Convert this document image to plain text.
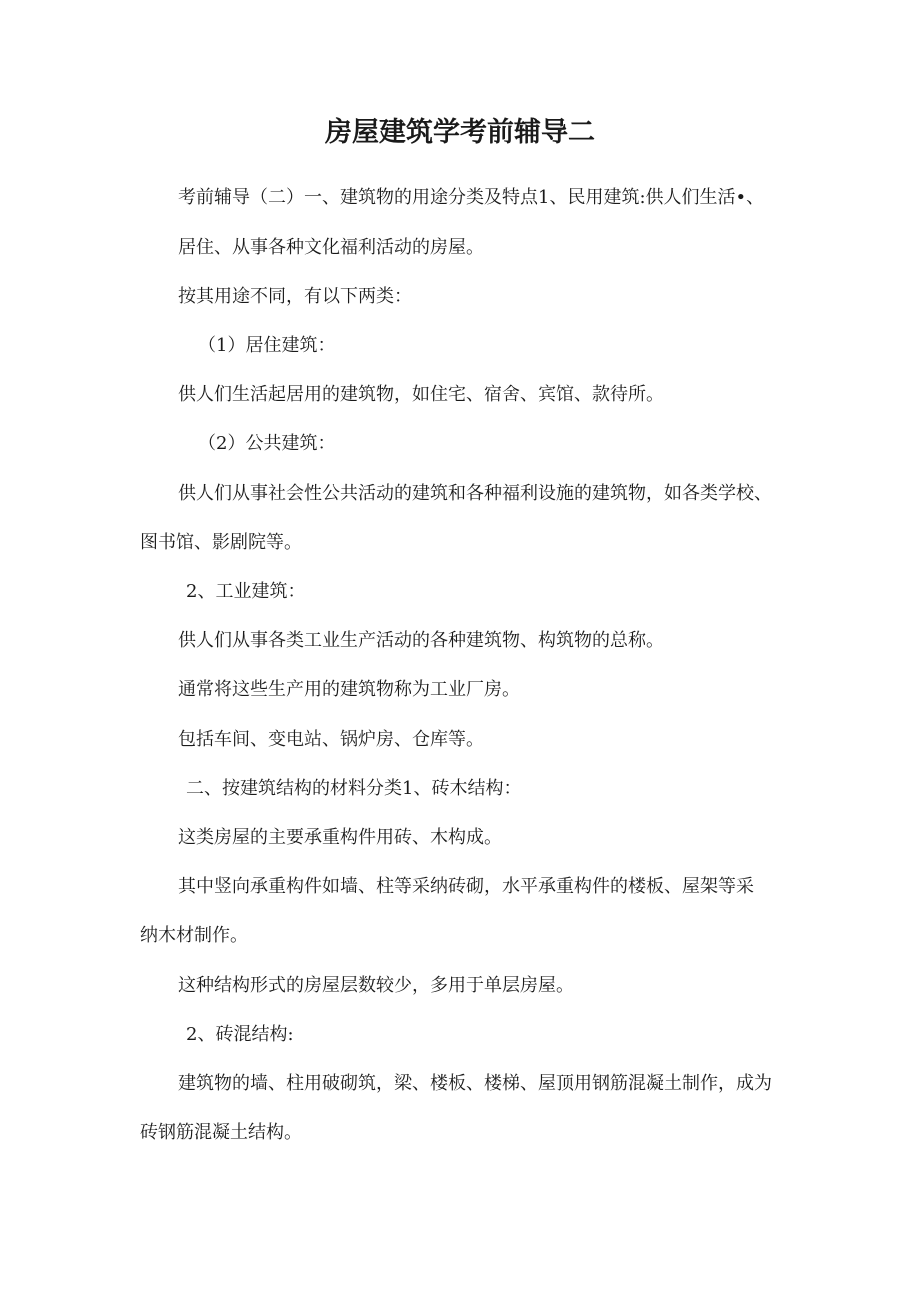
房屋建筑学考前辅导二
考前辅导（二）一、建筑物的用途分类及特点1、民用建筑:供人们生活•、
居住、从事各种文化福利活动的房屋。
按其用途不同，有以下两类：
（1）居住建筑：
供人们生活起居用的建筑物，如住宅、宿舍、宾馆、款待所。
（2）公共建筑：
供人们从事社会性公共活动的建筑和各种福利设施的建筑物，如各类学校、
图书馆、影剧院等。
2、工业建筑：
供人们从事各类工业生产活动的各种建筑物、构筑物的总称。
通常将这些生产用的建筑物称为工业厂房。
包括车间、变电站、锅炉房、仓库等。
二、按建筑结构的材料分类1、砖木结构：
这类房屋的主要承重构件用砖、木构成。
其中竖向承重构件如墙、柱等采纳砖砌，水平承重构件的楼板、屋架等采
纳木材制作。
这种结构形式的房屋层数较少，多用于单层房屋。
2、砖混结构:
建筑物的墙、柱用破砌筑，梁、楼板、楼梯、屋顶用钢筋混凝土制作，成为
砖钢筋混凝土结构。
